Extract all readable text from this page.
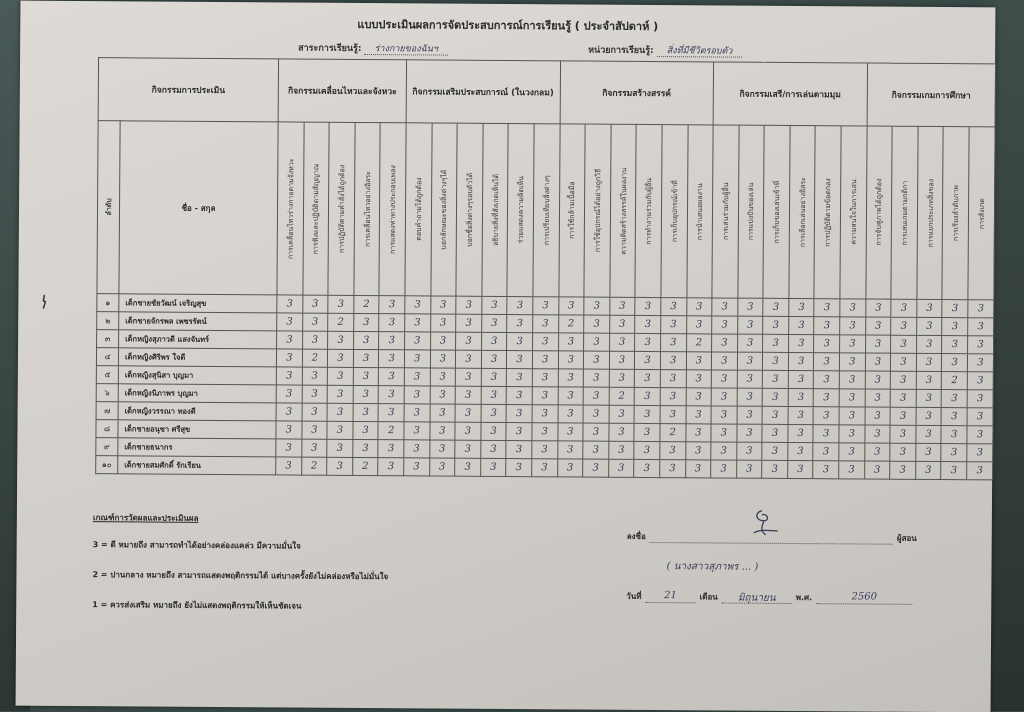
แบบประเมินผลการจัดประสบการณ์การเรียนรู้ ( ประจำสัปดาห์ )
สาระการเรียนรู้: ร่างกายของฉันฯ	หน่วยการเรียนรู้: สิ่งที่มีชีวิตรอบตัว
กิจกรรมการประเมิน		กิจกรรมเคลื่อนไหวและจังหวะ					กิจกรรมเสริมประสบการณ์ (ในวงกลม)						กิจกรรมสร้างสรรค์						กิจกรรมเสรี/การเล่นตามมุม						กิจกรรมเกมการศึกษา				

ลำดับ	ชื่อ - สกุล	การเคลื่อนไหวร่างกายตามจังหวะ	การฟังและปฏิบัติตามสัญญาณ	การปฏิบัติตามคำสั่งได้ถูกต้อง	การเคลื่อนไหวอย่างอิสระ	การแสดงท่าทางประกอบเพลง	ตอบคำถามได้ถูกต้อง	บอกลักษณะของสิ่งต่างๆได้	บอกชื่อสิ่งต่างๆรอบตัวได้	อธิบายสิ่งที่สังเกตเห็นได้	ร่วมแสดงความคิดเห็น	การเปรียบเทียบสิ่งต่างๆ	การใช้กล้ามเนื้อมือ	การใช้อุปกรณ์ได้อย่างถูกวิธี	ความคิดสร้างสรรค์ในผลงาน	การทำงานร่วมกับผู้อื่น	การเก็บอุปกรณ์เข้าที่	การนำเสนอผลงาน	การเล่นร่วมกับผู้อื่น	การแบ่งปันของเล่น	การเก็บของเล่นเข้าที่	การเลือกเล่นอย่างอิสระ	การปฏิบัติตามข้อตกลง	ความสนใจในการเล่น	การจับคู่ภาพได้ถูกต้อง	การเล่นเกมตามกติกา	การแยกประเภทสิ่งของ	การเรียงลำดับภาพ	การสังเกต

๑	เด็กชายชัยวัฒน์ เจริญสุข	3	3	3	2	3	3	3	3	3	3	3	3	3	3	3	3	3	3	3	3	3	3	3	3	3	3	3	3
๒	เด็กชายจักรพล เพชรรัตน์	3	3	2	3	3	3	3	3	3	3	3	2	3	3	3	3	3	3	3	3	3	3	3	3	3	3	3	3
๓	เด็กหญิงสุภาวดี แสงจันทร์	3	3	3	3	3	3	3	3	3	3	3	3	3	3	3	3	2	3	3	3	3	3	3	3	3	3	3	3
๔	เด็กหญิงศิริพร ใจดี	3	2	3	3	3	3	3	3	3	3	3	3	3	3	3	3	3	3	3	3	3	3	3	3	3	3	3	3
๕	เด็กหญิงสุนิสา บุญมา	3	3	3	3	3	3	3	3	3	3	3	3	3	3	3	3	3	3	3	3	3	3	3	3	3	3	2	3
๖	เด็กหญิงนิภาพร บุญมา	3	3	3	3	3	3	3	3	3	3	3	3	3	2	3	3	3	3	3	3	3	3	3	3	3	3	3	3
๗	เด็กหญิงวรรณา ทองดี	3	3	3	3	3	3	3	3	3	3	3	3	3	3	3	3	3	3	3	3	3	3	3	3	3	3	3	3
๘	เด็กชายอนุชา ศรีสุข	3	3	3	3	2	3	3	3	3	3	3	3	3	3	3	2	3	3	3	3	3	3	3	3	3	3	3	3
๙	เด็กชายธนากร	3	3	3	3	3	3	3	3	3	3	3	3	3	3	3	3	3	3	3	3	3	3	3	3	3	3	3	3
๑๐	เด็กชายสมศักดิ์ รักเรียน	3	2	3	2	3	3	3	3	3	3	3	3	3	3	3	3	3	3	3	3	3	3	3	3	3	3	3	3
เกณฑ์การวัดผลและประเมินผล
3 = ดี หมายถึง สามารถทำได้อย่างคล่องแคล่ว มีความมั่นใจ
2 = ปานกลาง หมายถึง สามารถแสดงพฤติกรรมได้ แต่บางครั้งยังไม่คล่องหรือไม่มั่นใจ
1 = ควรส่งเสริม หมายถึง ยังไม่แสดงพฤติกรรมให้เห็นชัดเจน
ลงชื่อ	ผู้สอน
( นางสาวสุภาพร ... )
วันที่	21	เดือน	มิถุนายน	พ.ศ.	2560
